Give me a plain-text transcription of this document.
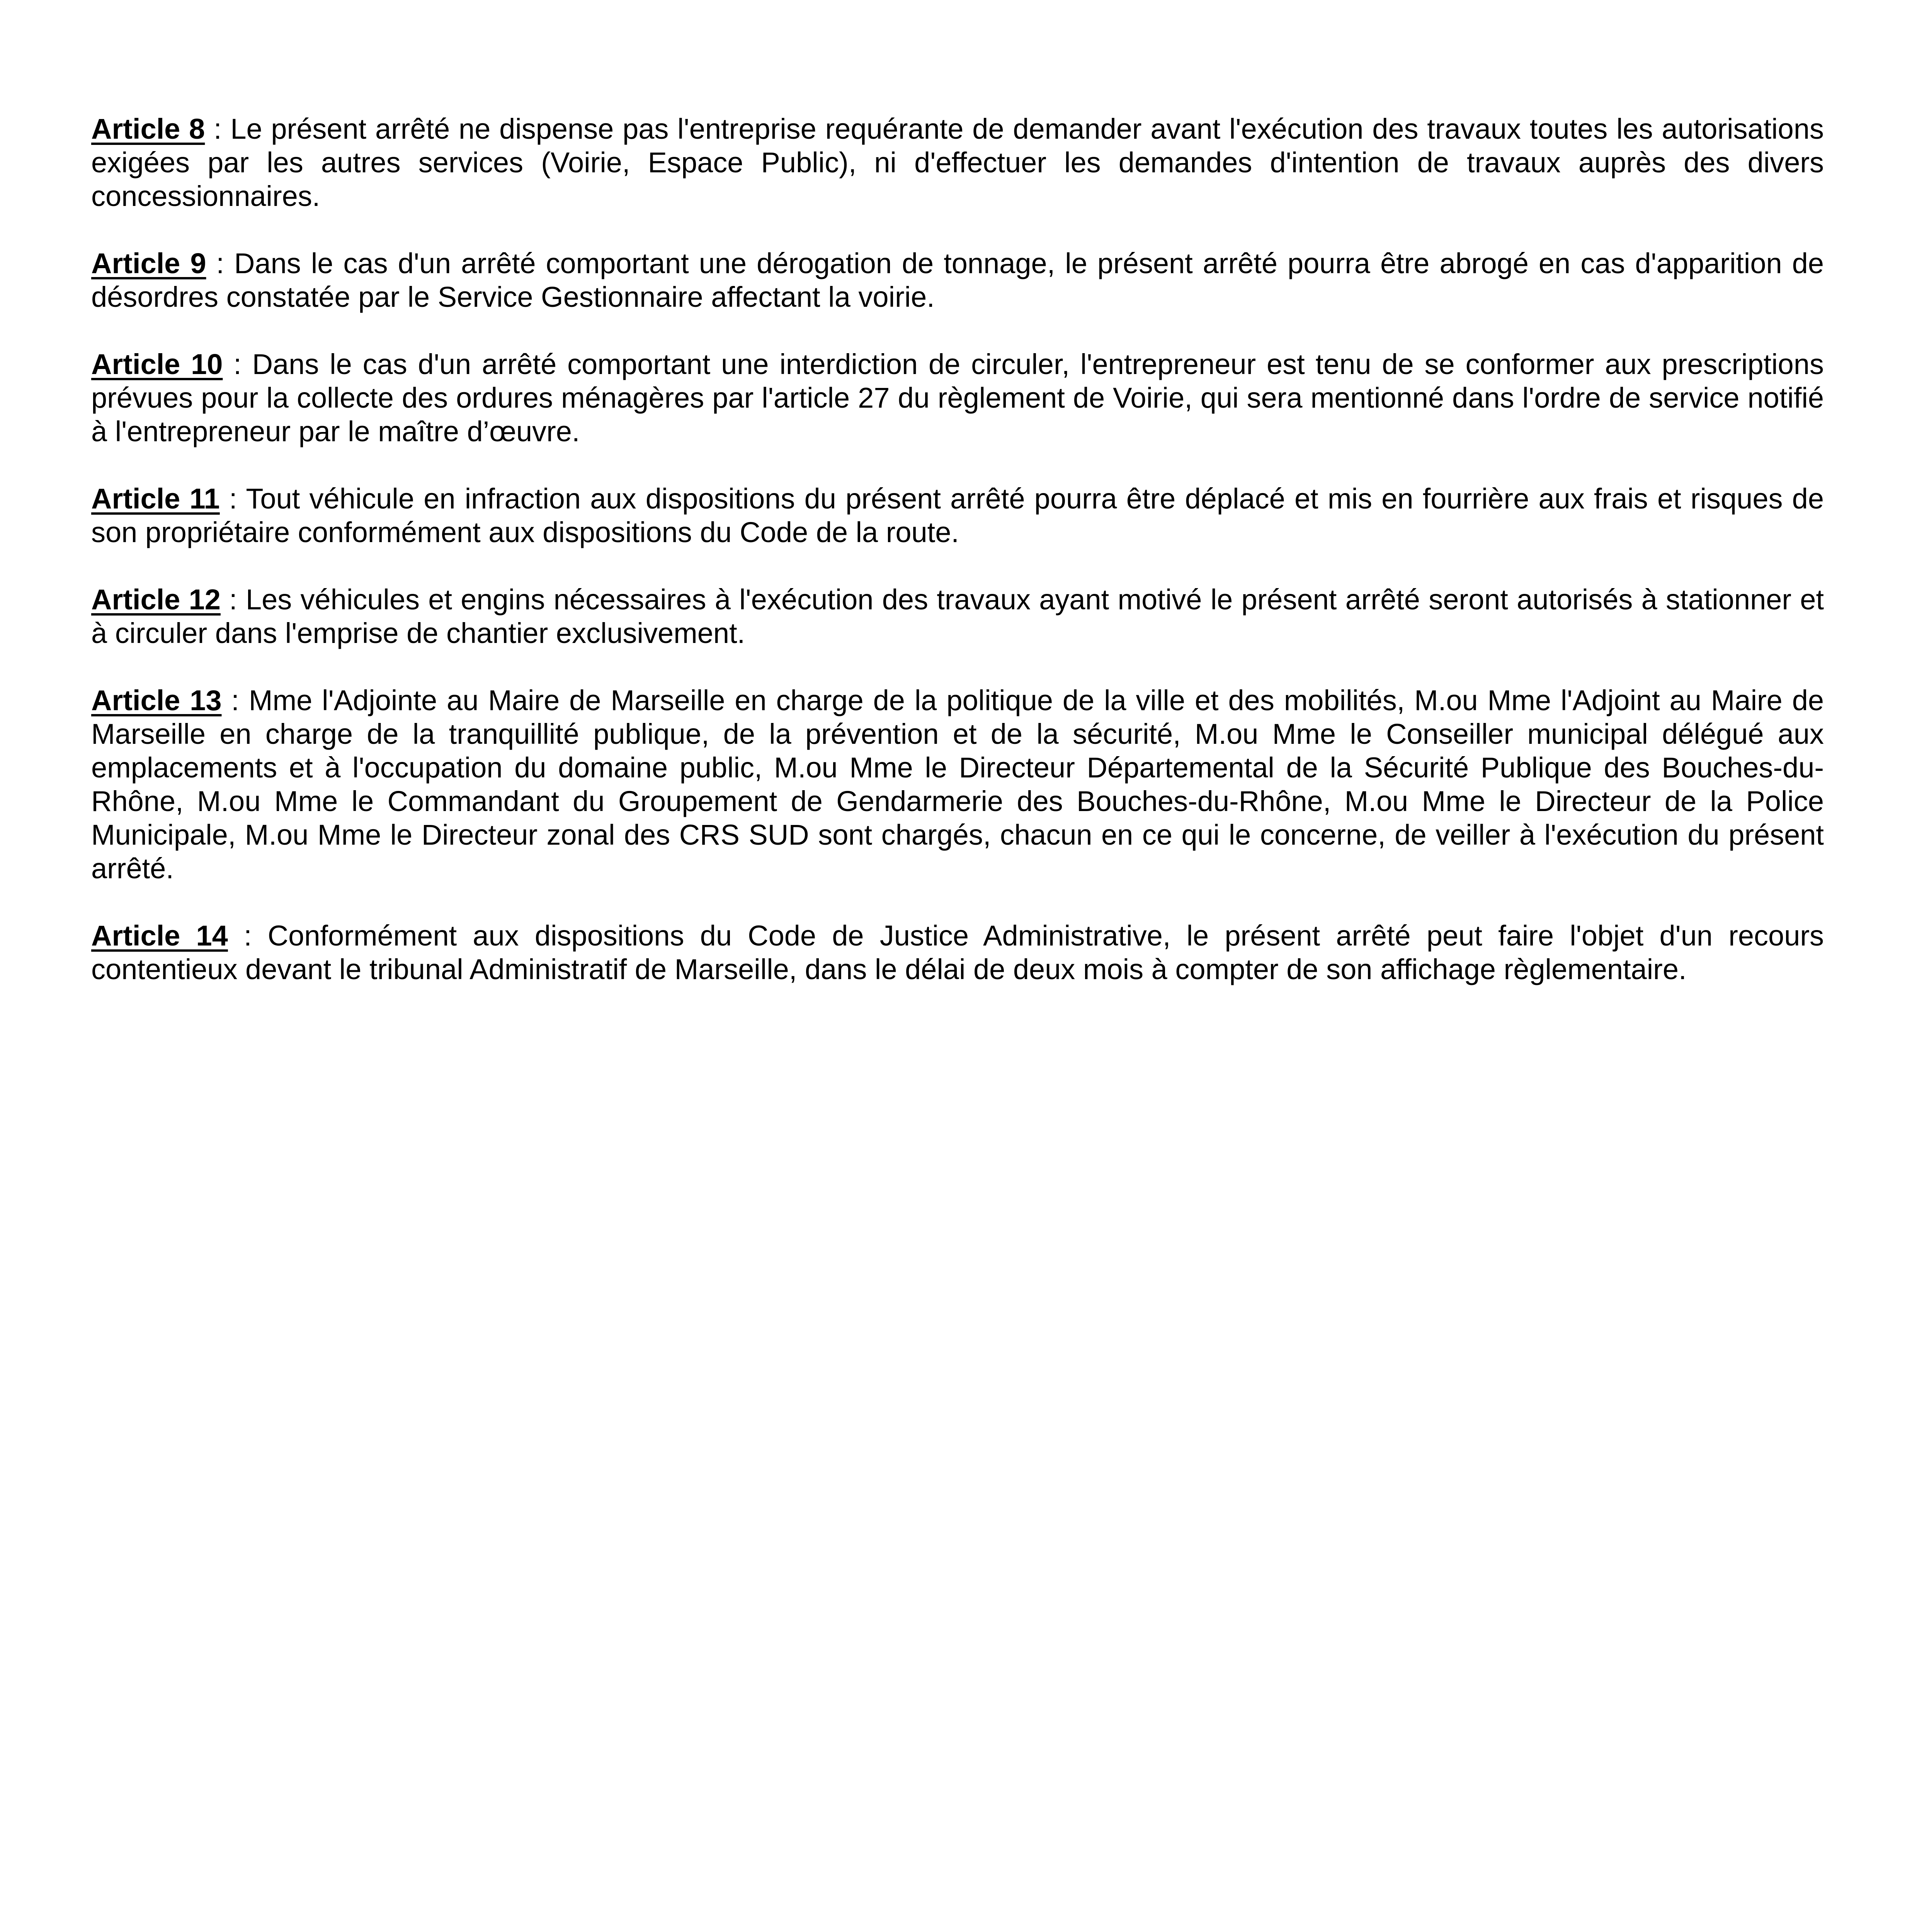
Article 8 : Le présent arrêté ne dispense pas l'entreprise requérante de demander avant l'exécution des travaux toutes les autorisations exigées par les autres services (Voirie, Espace Public), ni d'effectuer les demandes d'intention de travaux auprès des divers concessionnaires.

Article 9 : Dans le cas d'un arrêté comportant une dérogation de tonnage, le présent arrêté pourra être abrogé en cas d'apparition de désordres constatée par le Service Gestionnaire affectant la voirie.

Article 10 : Dans le cas d'un arrêté comportant une interdiction de circuler, l'entrepreneur est tenu de se conformer aux prescriptions prévues pour la collecte des ordures ménagères par l'article 27 du règlement de Voirie, qui sera mentionné dans l'ordre de service notifié à l'entrepreneur par le maître d’œuvre.

Article 11 : Tout véhicule en infraction aux dispositions du présent arrêté pourra être déplacé et mis en fourrière aux frais et risques de son propriétaire conformément aux dispositions du Code de la route.

Article 12 : Les véhicules et engins nécessaires à l'exécution des travaux ayant motivé le présent arrêté seront autorisés à stationner et à circuler dans l'emprise de chantier exclusivement.

Article 13 : Mme l'Adjointe au Maire de Marseille en charge de la politique de la ville et des mobilités, M.ou Mme l'Adjoint au Maire de Marseille en charge de la tranquillité publique, de la prévention et de la sécurité, M.ou Mme le Conseiller municipal délégué aux emplacements et à l'occupation du domaine public, M.ou Mme le Directeur Départemental de la Sécurité Publique des Bouches-du-Rhône, M.ou Mme le Commandant du Groupement de Gendarmerie des Bouches-du-Rhône, M.ou Mme le Directeur de la Police Municipale, M.ou Mme le Directeur zonal des CRS SUD sont chargés, chacun en ce qui le concerne, de veiller à l'exécution du présent arrêté.

Article 14 : Conformément aux dispositions du Code de Justice Administrative, le présent arrêté peut faire l'objet d'un recours contentieux devant le tribunal Administratif de Marseille, dans le délai de deux mois à compter de son affichage règlementaire.
